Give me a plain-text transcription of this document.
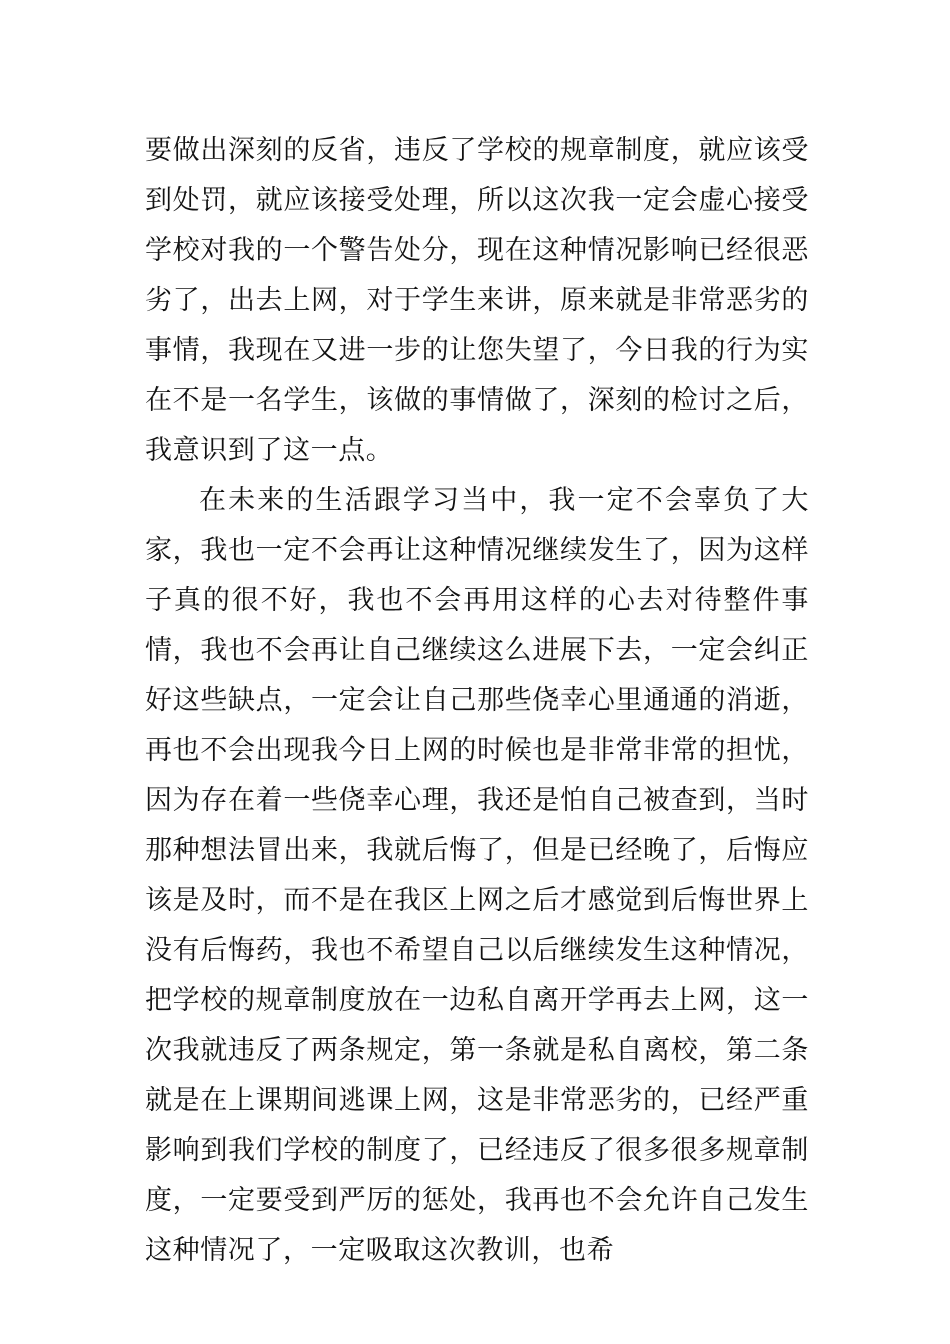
要做出深刻的反省，违反了学校的规章制度，就应该受到处罚，就应该接受处理，所以这次我一定会虚心接受学校对我的一个警告处分，现在这种情况影响已经很恶劣了，出去上网，对于学生来讲，原来就是非常恶劣的事情，我现在又进一步的让您失望了，今日我的行为实在不是一名学生，该做的事情做了，深刻的检讨之后，我意识到了这一点。

在未来的生活跟学习当中，我一定不会辜负了大家，我也一定不会再让这种情况继续发生了，因为这样子真的很不好，我也不会再用这样的心去对待整件事情，我也不会再让自己继续这么进展下去，一定会纠正好这些缺点，一定会让自己那些侥幸心里通通的消逝，再也不会出现我今日上网的时候也是非常非常的担忧，因为存在着一些侥幸心理，我还是怕自己被查到，当时那种想法冒出来，我就后悔了，但是已经晚了，后悔应该是及时，而不是在我区上网之后才感觉到后悔世界上没有后悔药，我也不希望自己以后继续发生这种情况，把学校的规章制度放在一边私自离开学再去上网，这一次我就违反了两条规定，第一条就是私自离校，第二条就是在上课期间逃课上网，这是非常恶劣的，已经严重影响到我们学校的制度了，已经违反了很多很多规章制度，一定要受到严厉的惩处，我再也不会允许自己发生这种情况了，一定吸取这次教训，也希
